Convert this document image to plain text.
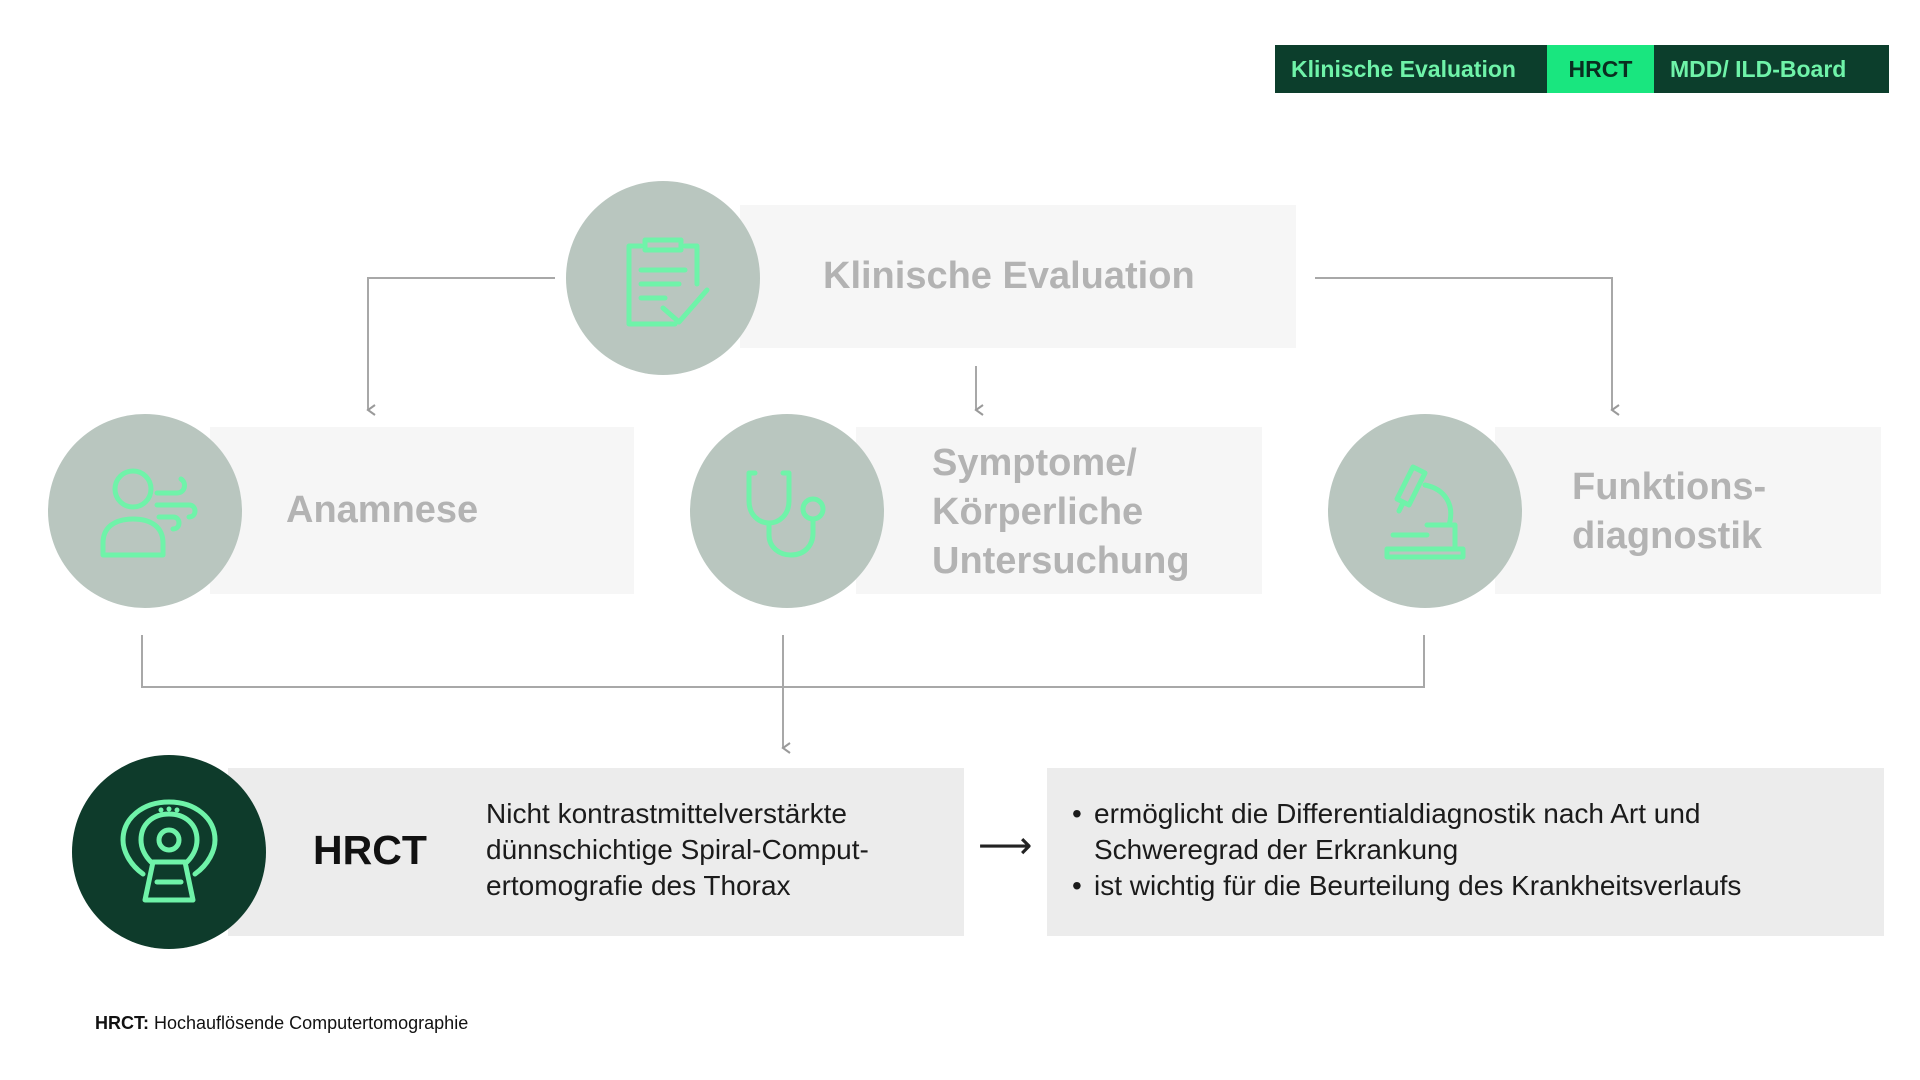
Klinische Evaluation	HRCT	MDD/ ILD-Board
Klinische Evaluation
Anamnese
Symptome/
Körperliche
Untersuchung
Funktions-
diagnostik
HRCT
Nicht kontrastmittelverstärkte
dünnschichtige Spiral-Comput-
ertomografie des Thorax
⟶
• ermöglicht die Differentialdiagnostik nach Art und
Schweregrad der Erkrankung
• ist wichtig für die Beurteilung des Krankheitsverlaufs
HRCT: Hochauflösende Computertomographie
